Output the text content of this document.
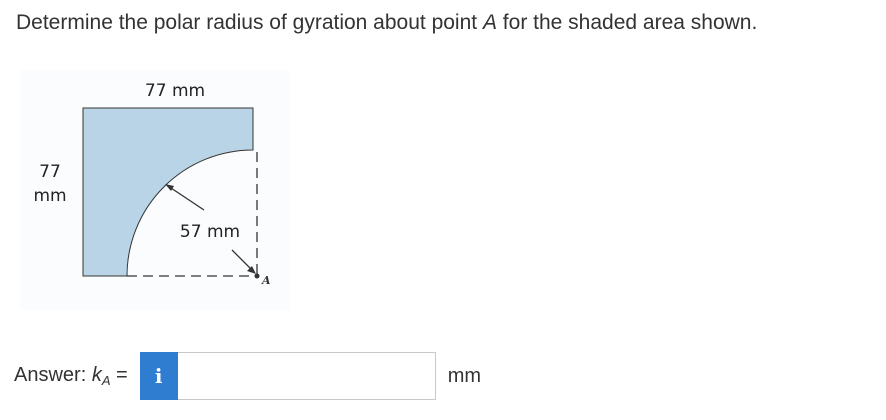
Determine the polar radius of gyration about point A for the shaded area shown.
77 mm
77
mm
57 mm
A
Answer: $k_A = i$	mm
